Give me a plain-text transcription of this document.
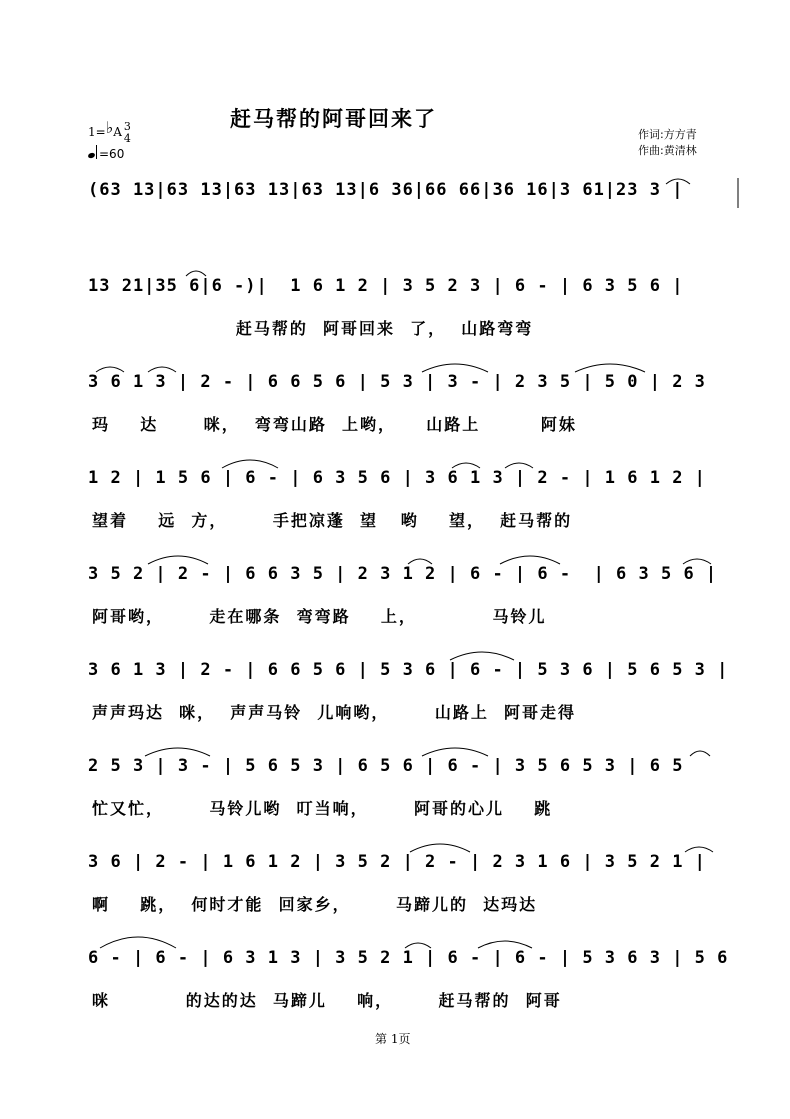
赶马帮的阿哥回来了
1=♭A 3
4
=60
作词:方方青
作曲:黄清林
(63 13|63 13|63 13|63 13|6 36|66 66|36 16|3 61|23 3 |
13 21|35 6|6 -)|  1 6 1 2 | 3 5 2 3 | 6 - | 6 3 5 6 |
赶马帮的  阿哥回来  了，  山路弯弯
3 6 1 3 | 2 - | 6 6 5 6 | 5 3 | 3 - | 2 3 5 | 5 0 | 2 3
玛    达      咪，  弯弯山路  上哟，    山路上        阿妹
1 2 | 1 5 6 | 6 - | 6 3 5 6 | 3 6 1 3 | 2 - | 1 6 1 2 |
望着    远  方，      手把凉蓬  望   哟    望，  赶马帮的
3 5 2 | 2 - | 6 6 3 5 | 2 3 1 2 | 6 - | 6 -  | 6 3 5 6 |
阿哥哟，      走在哪条  弯弯路    上，          马铃儿
3 6 1 3 | 2 - | 6 6 5 6 | 5 3 6 | 6 - | 5 3 6 | 5 6 5 3 |
声声玛达  咪，  声声马铃  儿响哟，      山路上  阿哥走得
2 5 3 | 3 - | 5 6 5 3 | 6 5 6 | 6 - | 3 5 6 5 3 | 6 5
忙又忙，      马铃儿哟  叮当响，      阿哥的心儿    跳
3 6 | 2 - | 1 6 1 2 | 3 5 2 | 2 - | 2 3 1 6 | 3 5 2 1 |
啊    跳，  何时才能  回家乡，      马蹄儿的  达玛达
6 - | 6 - | 6 3 1 3 | 3 5 2 1 | 6 - | 6 - | 5 3 6 3 | 5 6
咪          的达的达  马蹄儿    响，      赶马帮的  阿哥
第 1页
